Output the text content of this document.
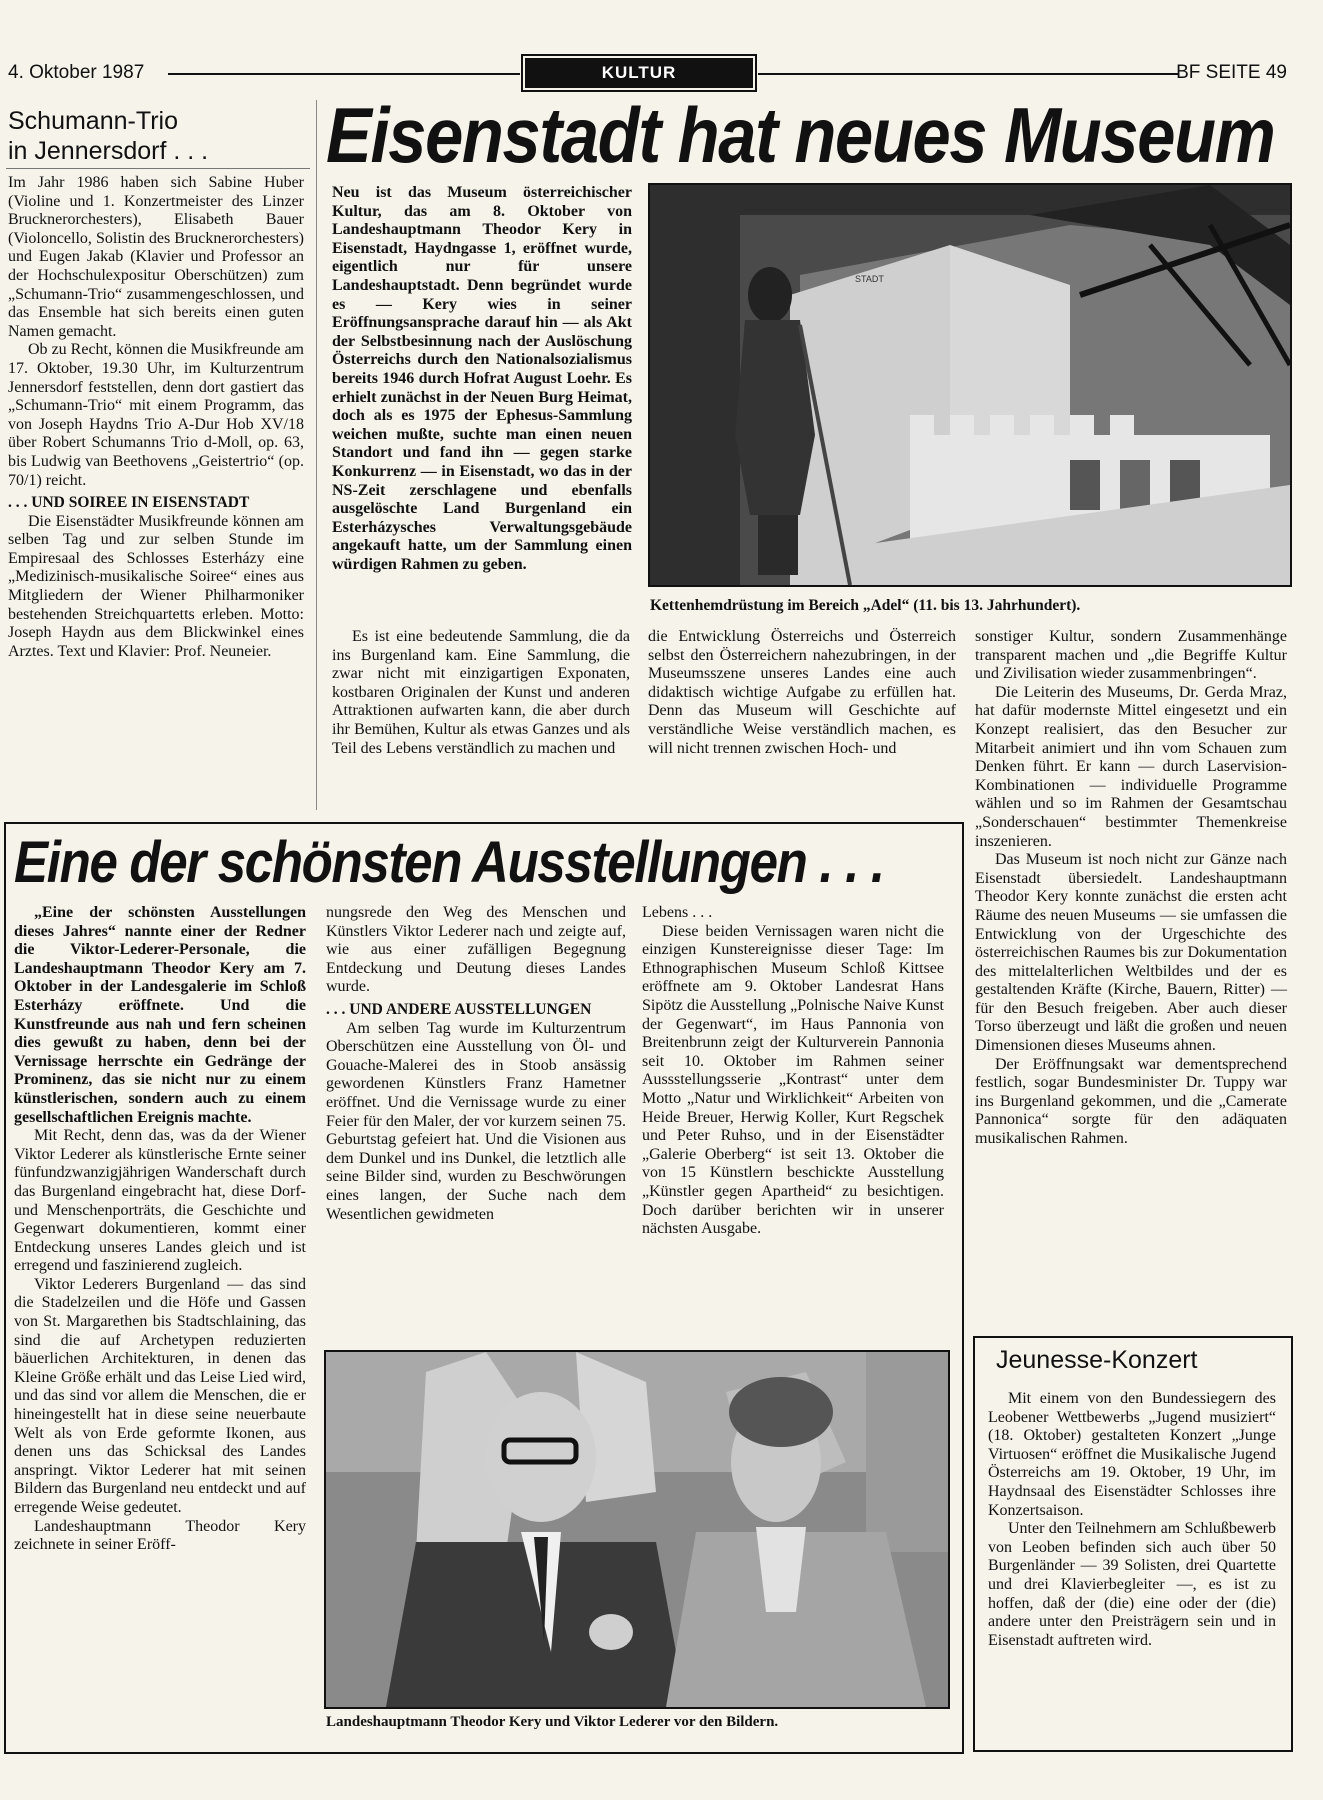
4. Oktober 1987	KULTUR	BF SEITE 49
Schumann-Trio
in Jennersdorf . . .

Im Jahr 1986 haben sich Sabine Huber (Violine und 1. Konzertmeister des Linzer Brucknerorchesters), Elisabeth Bauer (Violoncello, Solistin des Brucknerorchesters) und Eugen Jakab (Klavier und Professor an der Hochschulexpositur Oberschützen) zum „Schumann-Trio“ zusammengeschlossen, und das Ensemble hat sich bereits einen guten Namen gemacht.

Ob zu Recht, können die Musikfreunde am 17. Oktober, 19.30 Uhr, im Kulturzentrum Jennersdorf feststellen, denn dort gastiert das „Schumann-Trio“ mit einem Programm, das von Joseph Haydns Trio A-Dur Hob XV/18 über Robert Schumanns Trio d-Moll, op. 63, bis Ludwig van Beethovens „Geistertrio“ (op. 70/1) reicht.

. . . UND SOIREE IN EISENSTADT

Die Eisenstädter Musikfreunde können am selben Tag und zur selben Stunde im Empiresaal des Schlosses Esterházy eine „Medizinisch-musikalische Soiree“ eines aus Mitgliedern der Wiener Philharmoniker bestehenden Streichquartetts erleben. Motto: Joseph Haydn aus dem Blickwinkel eines Arztes. Text und Klavier: Prof. Neuneier.

Eisenstadt hat neues Museum

Neu ist das Museum österreichischer Kultur, das am 8. Oktober von Landeshauptmann Theodor Kery in Eisenstadt, Haydngasse 1, eröffnet wurde, eigentlich nur für unsere Landeshauptstadt. Denn begründet wurde es — Kery wies in seiner Eröffnungsansprache darauf hin — als Akt der Selbstbesinnung nach der Auslöschung Österreichs durch den Nationalsozialismus bereits 1946 durch Hofrat August Loehr. Es erhielt zunächst in der Neuen Burg Heimat, doch als es 1975 der Ephesus-Sammlung weichen mußte, suchte man einen neuen Standort und fand ihn — gegen starke Konkurrenz — in Eisenstadt, wo das in der NS-Zeit zerschlagene und ebenfalls ausgelöschte Land Burgenland ein Esterházysches Verwaltungsgebäude angekauft hatte, um der Sammlung einen würdigen Rahmen zu geben.

STADT
Kettenhemdrüstung im Bereich „Adel“ (11. bis 13. Jahrhundert).

Es ist eine bedeutende Sammlung, die da ins Burgenland kam. Eine Sammlung, die zwar nicht mit einzigartigen Exponaten, kostbaren Originalen der Kunst und anderen Attraktionen aufwarten kann, die aber durch ihr Bemühen, Kultur als etwas Ganzes und als Teil des Lebens verständlich zu machen und

die Entwicklung Österreichs und Österreich selbst den Österreichern nahezubringen, in der Museumsszene unseres Landes eine auch didaktisch wichtige Aufgabe zu erfüllen hat. Denn das Museum will Geschichte auf verständliche Weise verständlich machen, es will nicht trennen zwischen Hoch- und

sonstiger Kultur, sondern Zusammenhänge transparent machen und „die Begriffe Kultur und Zivilisation wieder zusammenbringen“.

Die Leiterin des Museums, Dr. Gerda Mraz, hat dafür modernste Mittel eingesetzt und ein Konzept realisiert, das den Besucher zur Mitarbeit animiert und ihn vom Schauen zum Denken führt. Er kann — durch Laservision-Kombinationen — individuelle Programme wählen und so im Rahmen der Gesamtschau „Sonderschauen“ bestimmter Themenkreise inszenieren.

Das Museum ist noch nicht zur Gänze nach Eisenstadt übersiedelt. Landeshauptmann Theodor Kery konnte zunächst die ersten acht Räume des neuen Museums — sie umfassen die Entwicklung von der Urgeschichte des österreichischen Raumes bis zur Dokumentation des mittelalterlichen Weltbildes und der es gestaltenden Kräfte (Kirche, Bauern, Ritter) — für den Besuch freigeben. Aber auch dieser Torso überzeugt und läßt die großen und neuen Dimensionen dieses Museums ahnen.

Der Eröffnungsakt war dementsprechend festlich, sogar Bundesminister Dr. Tuppy war ins Burgenland gekommen, und die „Camerate Pannonica“ sorgte für den adäquaten musikalischen Rahmen.

Eine der schönsten Ausstellungen . . .

„Eine der schönsten Ausstellungen dieses Jahres“ nannte einer der Redner die Viktor-Lederer-Personale, die Landeshauptmann Theodor Kery am 7. Oktober in der Landesgalerie im Schloß Esterházy eröffnete. Und die Kunstfreunde aus nah und fern scheinen dies gewußt zu haben, denn bei der Vernissage herrschte ein Gedränge der Prominenz, das sie nicht nur zu einem künstlerischen, sondern auch zu einem gesellschaftlichen Ereignis machte.

Mit Recht, denn das, was da der Wiener Viktor Lederer als künstlerische Ernte seiner fünfundzwanzigjährigen Wanderschaft durch das Burgenland eingebracht hat, diese Dorf- und Menschenporträts, die Geschichte und Gegenwart dokumentieren, kommt einer Entdeckung unseres Landes gleich und ist erregend und faszinierend zugleich.

Viktor Lederers Burgenland — das sind die Stadelzeilen und die Höfe und Gassen von St. Margarethen bis Stadtschlaining, das sind die auf Archetypen reduzierten bäuerlichen Architekturen, in denen das Kleine Größe erhält und das Leise Lied wird, und das sind vor allem die Menschen, die er hineingestellt hat in diese seine neuerbaute Welt als von Erde geformte Ikonen, aus denen uns das Schicksal des Landes anspringt. Viktor Lederer hat mit seinen Bildern das Burgenland neu entdeckt und auf erregende Weise gedeutet.

Landeshauptmann Theodor Kery zeichnete in seiner Eröff-

nungsrede den Weg des Menschen und Künstlers Viktor Lederer nach und zeigte auf, wie aus einer zufälligen Begegnung Entdeckung und Deutung dieses Landes wurde.

. . . UND ANDERE AUSSTELLUNGEN

Am selben Tag wurde im Kulturzentrum Oberschützen eine Ausstellung von Öl- und Gouache-Malerei des in Stoob ansässig gewordenen Künstlers Franz Hametner eröffnet. Und die Vernissage wurde zu einer Feier für den Maler, der vor kurzem seinen 75. Geburtstag gefeiert hat. Und die Visionen aus dem Dunkel und ins Dunkel, die letztlich alle seine Bilder sind, wurden zu Beschwörungen eines langen, der Suche nach dem Wesentlichen gewidmeten

Lebens . . .

Diese beiden Vernissagen waren nicht die einzigen Kunstereignisse dieser Tage: Im Ethnographischen Museum Schloß Kittsee eröffnete am 9. Oktober Landesrat Hans Sipötz die Ausstellung „Polnische Naive Kunst der Gegenwart“, im Haus Pannonia von Breitenbrunn zeigt der Kulturverein Pannonia seit 10. Oktober im Rahmen seiner Aussstellungsserie „Kontrast“ unter dem Motto „Natur und Wirklichkeit“ Arbeiten von Heide Breuer, Herwig Koller, Kurt Regschek und Peter Ruhso, und in der Eisenstädter „Galerie Oberberg“ ist seit 13. Oktober die von 15 Künstlern beschickte Ausstellung „Künstler gegen Apartheid“ zu besichtigen. Doch darüber berichten wir in unserer nächsten Ausgabe.

Landeshauptmann Theodor Kery und Viktor Lederer vor den Bildern.
Jeunesse-Konzert

Mit einem von den Bundessiegern des Leobener Wettbewerbs „Jugend musiziert“ (18. Oktober) gestalteten Konzert „Junge Virtuosen“ eröffnet die Musikalische Jugend Österreichs am 19. Oktober, 19 Uhr, im Haydnsaal des Eisenstädter Schlosses ihre Konzertsaison.

Unter den Teilnehmern am Schlußbewerb von Leoben befinden sich auch über 50 Burgenländer — 39 Solisten, drei Quartette und drei Klavierbegleiter —, es ist zu hoffen, daß der (die) eine oder der (die) andere unter den Preisträgern sein und in Eisenstadt auftreten wird.
